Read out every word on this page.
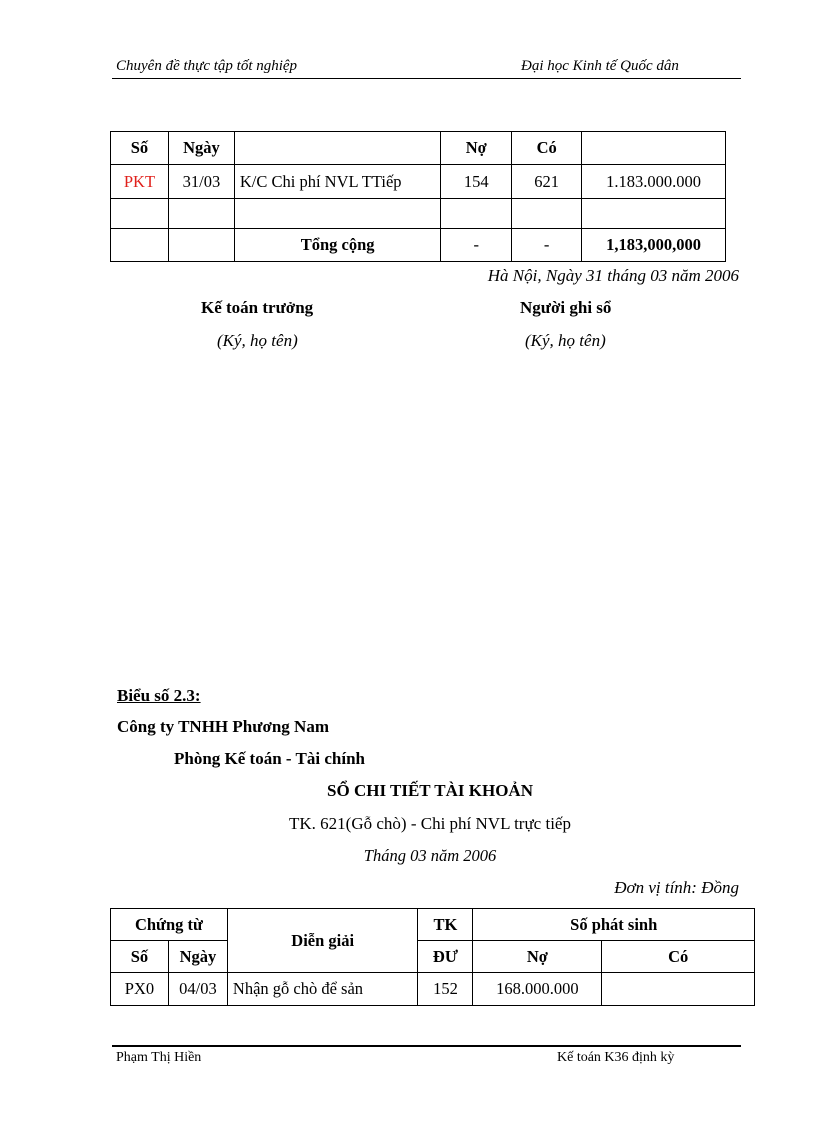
Chuyên đề thực tập tốt nghiệp	Đại học Kinh tế Quốc dân
Số	Ngày		Nợ	Có	
PKT	31/03	K/C Chi phí NVL TTiếp	154	621	1.183.000.000

		Tổng cộng	-	-	1,183,000,000
Hà Nội, Ngày 31 tháng 03 năm 2006
Kế toán trưởng
(Ký, họ tên)
Người ghi sổ
(Ký, họ tên)
Biểu số 2.3:
Công ty TNHH Phương Nam
Phòng Kế toán - Tài chính
SỔ CHI TIẾT TÀI KHOẢN
TK. 621(Gỗ chò) - Chi phí NVL trực tiếp
Tháng 03 năm 2006
Đơn vị tính: Đồng
Chứng từ		Diễn giải	TK	Số phát sinh	
Số	Ngày		ĐƯ	Nợ	Có
PX0	04/03	Nhận gỗ chò để sản	152	168.000.000	
Phạm Thị Hiền	Kế toán K36 định kỳ
